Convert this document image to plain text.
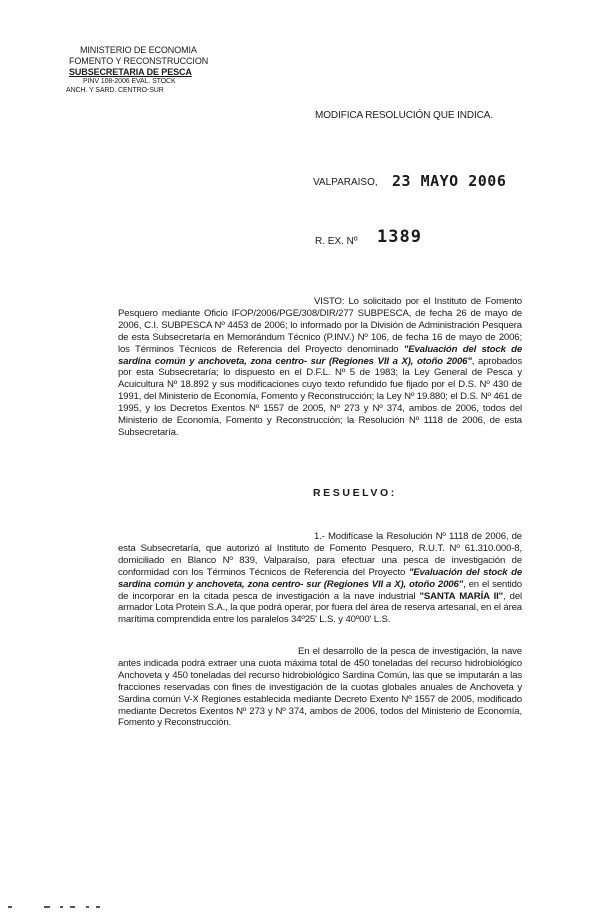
MINISTERIO DE ECONOMIA
FOMENTO Y RECONSTRUCCION
SUBSECRETARIA DE PESCA
PINV 108-2006 EVAL. STOCK
ANCH. Y SARD. CENTRO-SUR
MODIFICA RESOLUCIÓN QUE INDICA.
VALPARAISO, 23 MAYO 2006
R. EX. Nº 1389

VISTO: Lo solicitado por el Instituto de Fomento Pesquero mediante Oficio IFOP/2006/PGE/308/DIR/277 SUBPESCA, de fecha 26 de mayo de 2006, C.I. SUBPESCA Nº 4453 de 2006; lo informado por la División de Administración Pesquera de esta Subsecretaría en Memorándum Técnico (P.INV.) Nº 106, de fecha 16 de mayo de 2006; los Términos Técnicos de Referencia del Proyecto denominado "Evaluación del stock de sardina común y anchoveta, zona centro- sur (Regiones VII a X), otoño 2006", aprobados por esta Subsecretaría; lo dispuesto en el D.F.L. Nº 5 de 1983; la Ley General de Pesca y Acuicultura Nº 18.892 y sus modificaciones cuyo texto refundido fue fijado por el D.S. Nº 430 de 1991, del Ministerio de Economía, Fomento y Reconstrucción; la Ley Nº 19.880; el D.S. Nº 461 de 1995, y los Decretos Exentos Nº 1557 de 2005, Nº 273 y Nº 374, ambos de 2006, todos del Ministerio de Economía, Fomento y Reconstrucción; la Resolución Nº 1118 de 2006, de esta Subsecretaría.

RESUELVO:

1.- Modifícase la Resolución Nº 1118 de 2006, de esta Subsecretaría, que autorizó al Instituto de Fomento Pesquero, R.U.T. Nº 61.310.000-8, domiciliado en Blanco Nº 839, Valparaíso, para efectuar una pesca de investigación de conformidad con los Términos Técnicos de Referencia del Proyecto "Evaluación del stock de sardina común y anchoveta, zona centro- sur (Regiones VII a X), otoño 2006", en el sentido de incorporar en la citada pesca de investigación a la nave industrial "SANTA MARÍA II", del armador Lota Protein S.A., la que podrá operar, por fuera del área de reserva artesanal, en el área marítima comprendida entre los paralelos 34º25' L.S. y 40º00' L.S.

En el desarrollo de la pesca de investigación, la nave antes indicada podrá extraer una cuota máxima total de 450 toneladas del recurso hidrobiológico Anchoveta y 450 toneladas del recurso hidrobiológico Sardina Común, las que se imputarán a las fracciones reservadas con fines de investigación de la cuotas globales anuales de Anchoveta y Sardina común V-X Regiones establecida mediante Decreto Exento Nº 1557 de 2005, modificado mediante Decretos Exentos Nº 273 y Nº 374, ambos de 2006, todos del Ministerio de Economía, Fomento y Reconstrucción.
